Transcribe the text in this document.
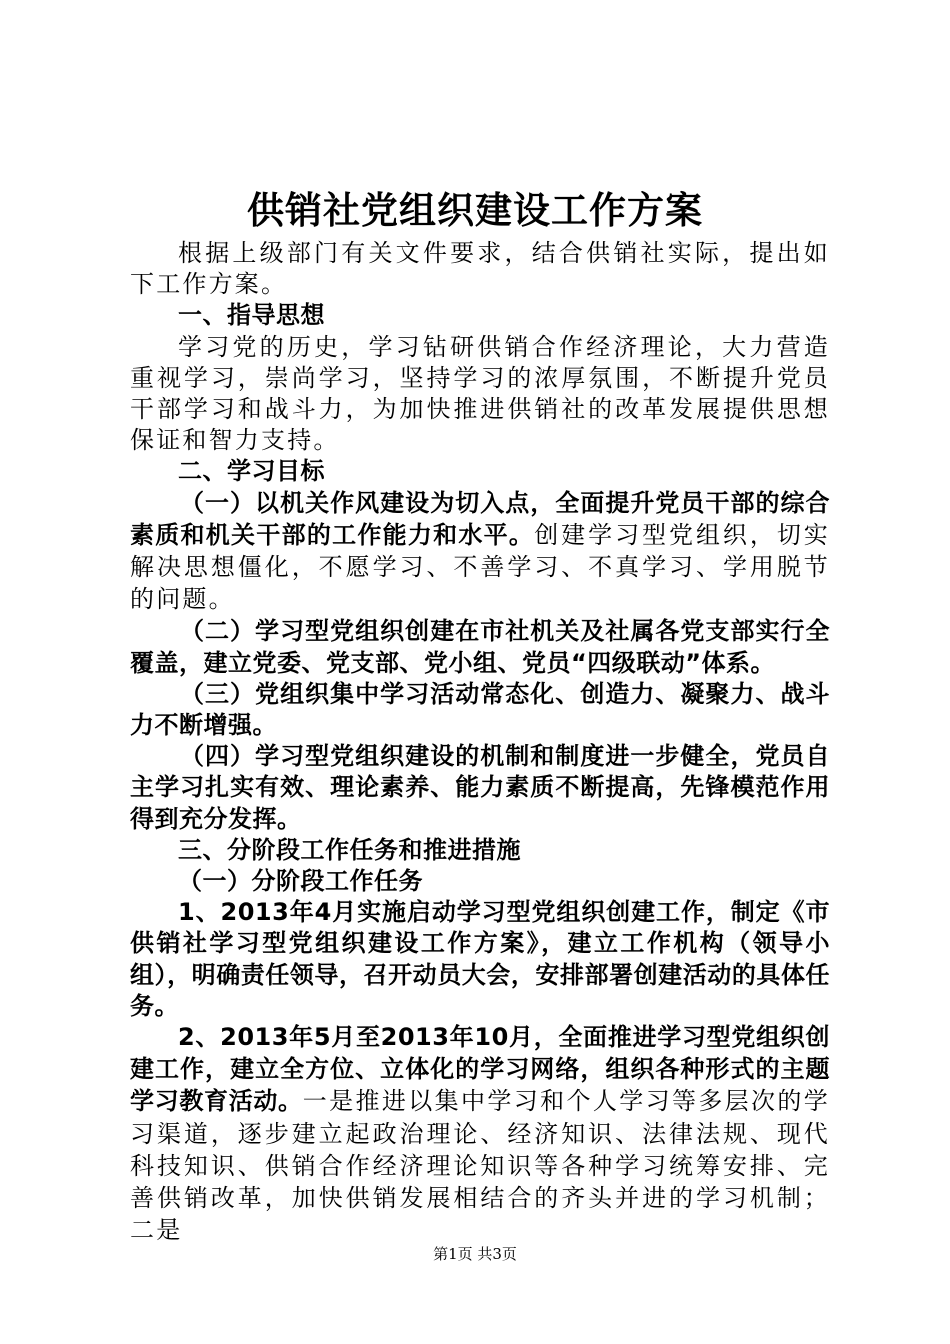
供销社党组织建设工作方案

根据上级部门有关文件要求，结合供销社实际，提出如下工作方案。

一、指导思想

学习党的历史，学习钻研供销合作经济理论，大力营造重视学习，崇尚学习，坚持学习的浓厚氛围，不断提升党员干部学习和战斗力，为加快推进供销社的改革发展提供思想保证和智力支持。

二、学习目标

（一）以机关作风建设为切入点，全面提升党员干部的综合素质和机关干部的工作能力和水平。创建学习型党组织，切实解决思想僵化，不愿学习、不善学习、不真学习、学用脱节的问题。

（二）学习型党组织创建在市社机关及社属各党支部实行全覆盖，建立党委、党支部、党小组、党员“四级联动”体系。

（三）党组织集中学习活动常态化、创造力、凝聚力、战斗力不断增强。

（四）学习型党组织建设的机制和制度进一步健全，党员自主学习扎实有效、理论素养、能力素质不断提高，先锋模范作用得到充分发挥。

三、分阶段工作任务和推进措施

（一）分阶段工作任务

1、2013年4月实施启动学习型党组织创建工作，制定《市供销社学习型党组织建设工作方案》，建立工作机构（领导小组），明确责任领导，召开动员大会，安排部署创建活动的具体任务。

2、2013年5月至2013年10月，全面推进学习型党组织创建工作，建立全方位、立体化的学习网络，组织各种形式的主题学习教育活动。一是推进以集中学习和个人学习等多层次的学习渠道，逐步建立起政治理论、经济知识、法律法规、现代科技知识、供销合作经济理论知识等各种学习统筹安排、完善供销改革，加快供销发展相结合的齐头并进的学习机制；二是

第1页 共3页
